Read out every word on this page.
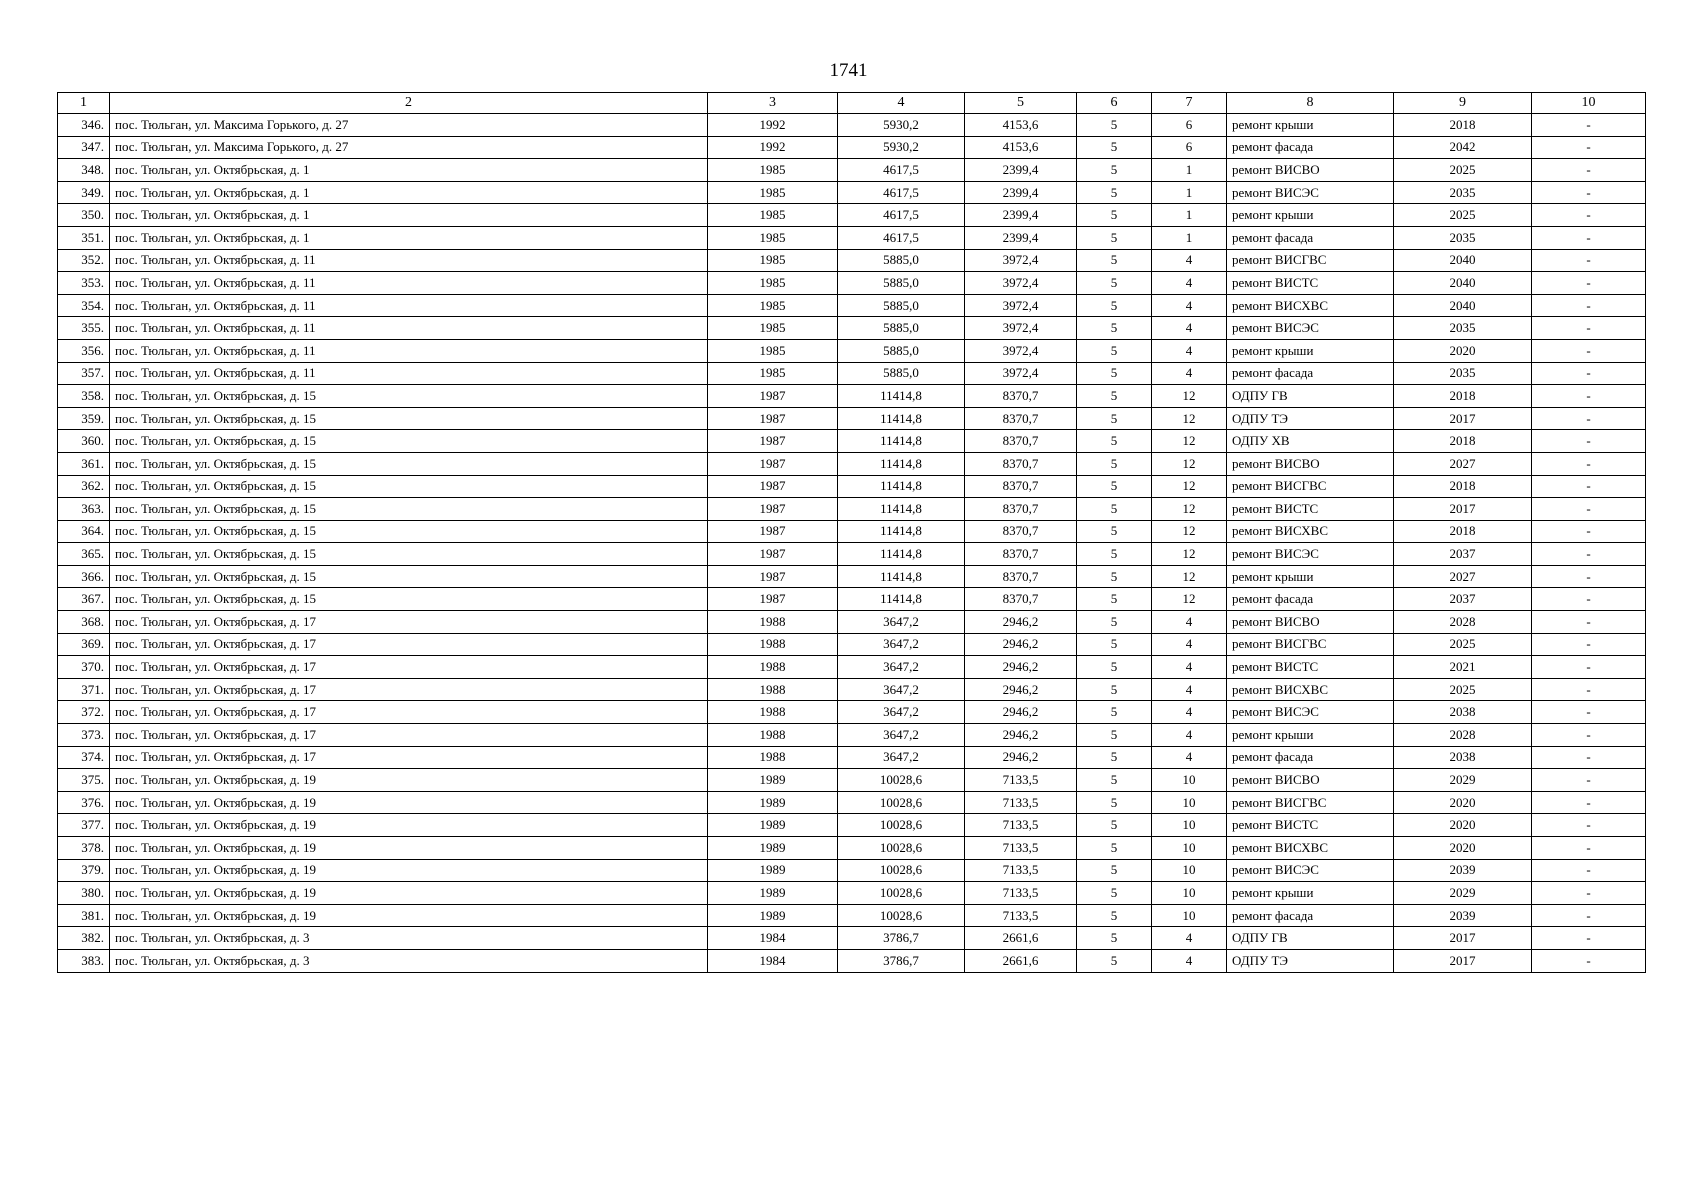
1741
1	2	3	4	5	6	7	8	9	10
346.	пос. Тюльган, ул. Максима Горького, д. 27	1992	5930,2	4153,6	5	6	ремонт крыши	2018	-
347.	пос. Тюльган, ул. Максима Горького, д. 27	1992	5930,2	4153,6	5	6	ремонт фасада	2042	-
348.	пос. Тюльган, ул. Октябрьская, д. 1	1985	4617,5	2399,4	5	1	ремонт ВИСВО	2025	-
349.	пос. Тюльган, ул. Октябрьская, д. 1	1985	4617,5	2399,4	5	1	ремонт ВИСЭС	2035	-
350.	пос. Тюльган, ул. Октябрьская, д. 1	1985	4617,5	2399,4	5	1	ремонт крыши	2025	-
351.	пос. Тюльган, ул. Октябрьская, д. 1	1985	4617,5	2399,4	5	1	ремонт фасада	2035	-
352.	пос. Тюльган, ул. Октябрьская, д. 11	1985	5885,0	3972,4	5	4	ремонт ВИСГВС	2040	-
353.	пос. Тюльган, ул. Октябрьская, д. 11	1985	5885,0	3972,4	5	4	ремонт ВИСТС	2040	-
354.	пос. Тюльган, ул. Октябрьская, д. 11	1985	5885,0	3972,4	5	4	ремонт ВИСХВС	2040	-
355.	пос. Тюльган, ул. Октябрьская, д. 11	1985	5885,0	3972,4	5	4	ремонт ВИСЭС	2035	-
356.	пос. Тюльган, ул. Октябрьская, д. 11	1985	5885,0	3972,4	5	4	ремонт крыши	2020	-
357.	пос. Тюльган, ул. Октябрьская, д. 11	1985	5885,0	3972,4	5	4	ремонт фасада	2035	-
358.	пос. Тюльган, ул. Октябрьская, д. 15	1987	11414,8	8370,7	5	12	ОДПУ ГВ	2018	-
359.	пос. Тюльган, ул. Октябрьская, д. 15	1987	11414,8	8370,7	5	12	ОДПУ ТЭ	2017	-
360.	пос. Тюльган, ул. Октябрьская, д. 15	1987	11414,8	8370,7	5	12	ОДПУ ХВ	2018	-
361.	пос. Тюльган, ул. Октябрьская, д. 15	1987	11414,8	8370,7	5	12	ремонт ВИСВО	2027	-
362.	пос. Тюльган, ул. Октябрьская, д. 15	1987	11414,8	8370,7	5	12	ремонт ВИСГВС	2018	-
363.	пос. Тюльган, ул. Октябрьская, д. 15	1987	11414,8	8370,7	5	12	ремонт ВИСТС	2017	-
364.	пос. Тюльган, ул. Октябрьская, д. 15	1987	11414,8	8370,7	5	12	ремонт ВИСХВС	2018	-
365.	пос. Тюльган, ул. Октябрьская, д. 15	1987	11414,8	8370,7	5	12	ремонт ВИСЭС	2037	-
366.	пос. Тюльган, ул. Октябрьская, д. 15	1987	11414,8	8370,7	5	12	ремонт крыши	2027	-
367.	пос. Тюльган, ул. Октябрьская, д. 15	1987	11414,8	8370,7	5	12	ремонт фасада	2037	-
368.	пос. Тюльган, ул. Октябрьская, д. 17	1988	3647,2	2946,2	5	4	ремонт ВИСВО	2028	-
369.	пос. Тюльган, ул. Октябрьская, д. 17	1988	3647,2	2946,2	5	4	ремонт ВИСГВС	2025	-
370.	пос. Тюльган, ул. Октябрьская, д. 17	1988	3647,2	2946,2	5	4	ремонт ВИСТС	2021	-
371.	пос. Тюльган, ул. Октябрьская, д. 17	1988	3647,2	2946,2	5	4	ремонт ВИСХВС	2025	-
372.	пос. Тюльган, ул. Октябрьская, д. 17	1988	3647,2	2946,2	5	4	ремонт ВИСЭС	2038	-
373.	пос. Тюльган, ул. Октябрьская, д. 17	1988	3647,2	2946,2	5	4	ремонт крыши	2028	-
374.	пос. Тюльган, ул. Октябрьская, д. 17	1988	3647,2	2946,2	5	4	ремонт фасада	2038	-
375.	пос. Тюльган, ул. Октябрьская, д. 19	1989	10028,6	7133,5	5	10	ремонт ВИСВО	2029	-
376.	пос. Тюльган, ул. Октябрьская, д. 19	1989	10028,6	7133,5	5	10	ремонт ВИСГВС	2020	-
377.	пос. Тюльган, ул. Октябрьская, д. 19	1989	10028,6	7133,5	5	10	ремонт ВИСТС	2020	-
378.	пос. Тюльган, ул. Октябрьская, д. 19	1989	10028,6	7133,5	5	10	ремонт ВИСХВС	2020	-
379.	пос. Тюльган, ул. Октябрьская, д. 19	1989	10028,6	7133,5	5	10	ремонт ВИСЭС	2039	-
380.	пос. Тюльган, ул. Октябрьская, д. 19	1989	10028,6	7133,5	5	10	ремонт крыши	2029	-
381.	пос. Тюльган, ул. Октябрьская, д. 19	1989	10028,6	7133,5	5	10	ремонт фасада	2039	-
382.	пос. Тюльган, ул. Октябрьская, д. 3	1984	3786,7	2661,6	5	4	ОДПУ ГВ	2017	-
383.	пос. Тюльган, ул. Октябрьская, д. 3	1984	3786,7	2661,6	5	4	ОДПУ ТЭ	2017	-
